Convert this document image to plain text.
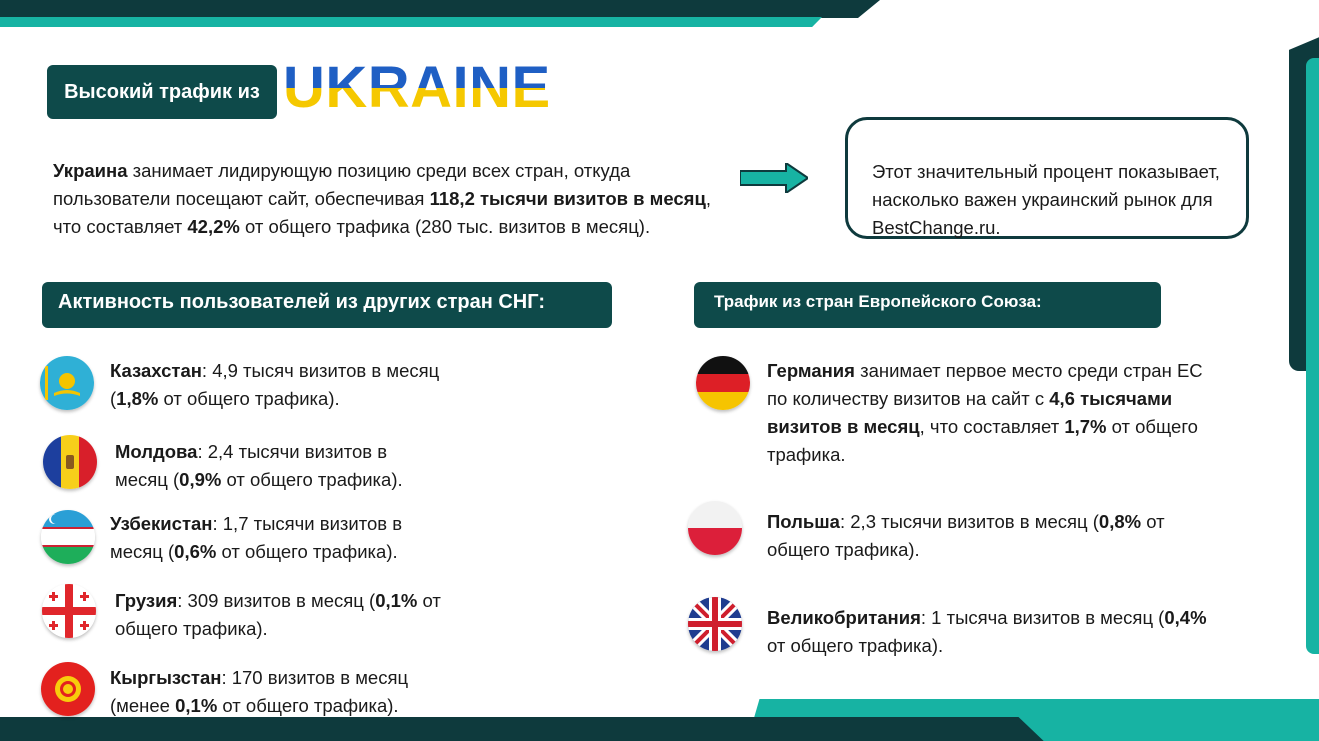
Высокий трафик из UKRAINE

Украина занимает лидирующую позицию среди всех стран, откуда пользователи посещают сайт, обеспечивая 118,2 тысячи визитов в месяц, что составляет 42,2% от общего трафика (280 тыс. визитов в месяц).

Этот значительный процент показывает, насколько важен украинский рынок для BestChange.ru.
Активность пользователей из других стран СНГ:	Трафик из стран Европейского Союза:

Казахстан: 4,9 тысяч визитов в месяц (1,8% от общего трафика).

Молдова: 2,4 тысячи визитов в месяц (0,9% от общего трафика).

Узбекистан: 1,7 тысячи визитов в месяц (0,6% от общего трафика).

Грузия: 309 визитов в месяц (0,1% от общего трафика).

Кыргызстан: 170 визитов в месяц (менее 0,1% от общего трафика).

Германия занимает первое место среди стран ЕС по количеству визитов на сайт с 4,6 тысячами визитов в месяц, что составляет 1,7% от общего трафика.

Польша: 2,3 тысячи визитов в месяц (0,8% от общего трафика).

Великобритания: 1 тысяча визитов в месяц (0,4% от общего трафика).
